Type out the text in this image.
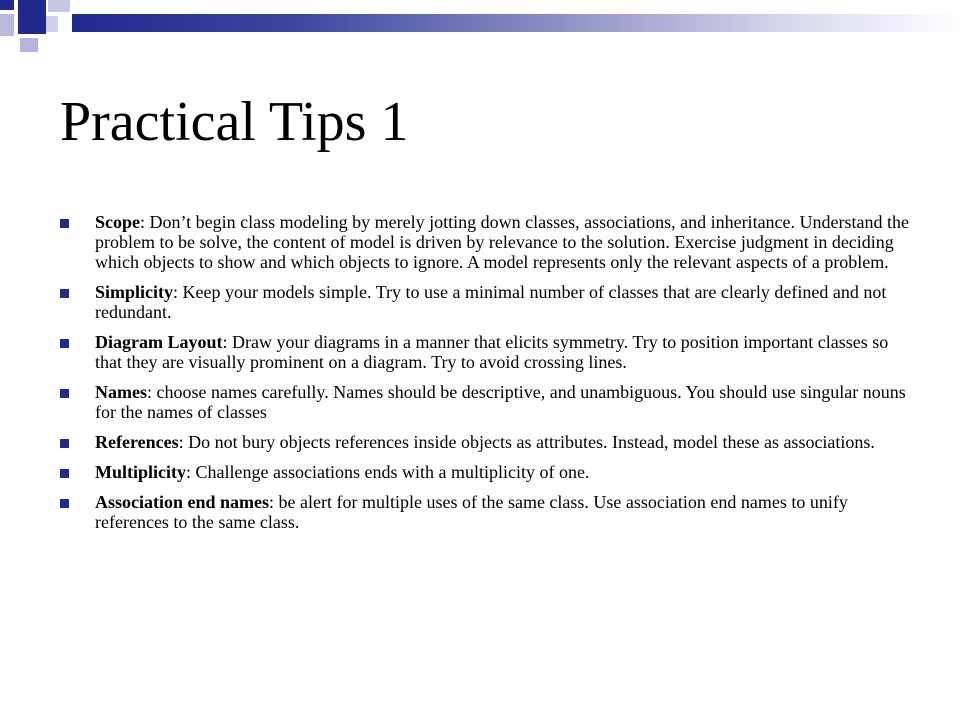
Practical Tips 1
Scope: Don’t begin class modeling by merely jotting down classes, associations, and inheritance. Understand the problem to be solve, the content of model is driven by relevance to the solution. Exercise judgment in deciding which objects to show and which objects to ignore. A model represents only the relevant aspects of a problem.
Simplicity: Keep your models simple. Try to use a minimal number of classes that are clearly defined and not redundant.
Diagram Layout: Draw your diagrams in a manner that elicits symmetry. Try to position important classes so that they are visually prominent on a diagram. Try to avoid crossing lines.
Names: choose names carefully. Names should be descriptive, and unambiguous. You should use singular nouns for the names of classes
References: Do not bury objects references inside objects as attributes. Instead, model these as associations.
Multiplicity: Challenge associations ends with a multiplicity of one.
Association end names: be alert for multiple uses of the same class. Use association end names to unify references to the same class.
